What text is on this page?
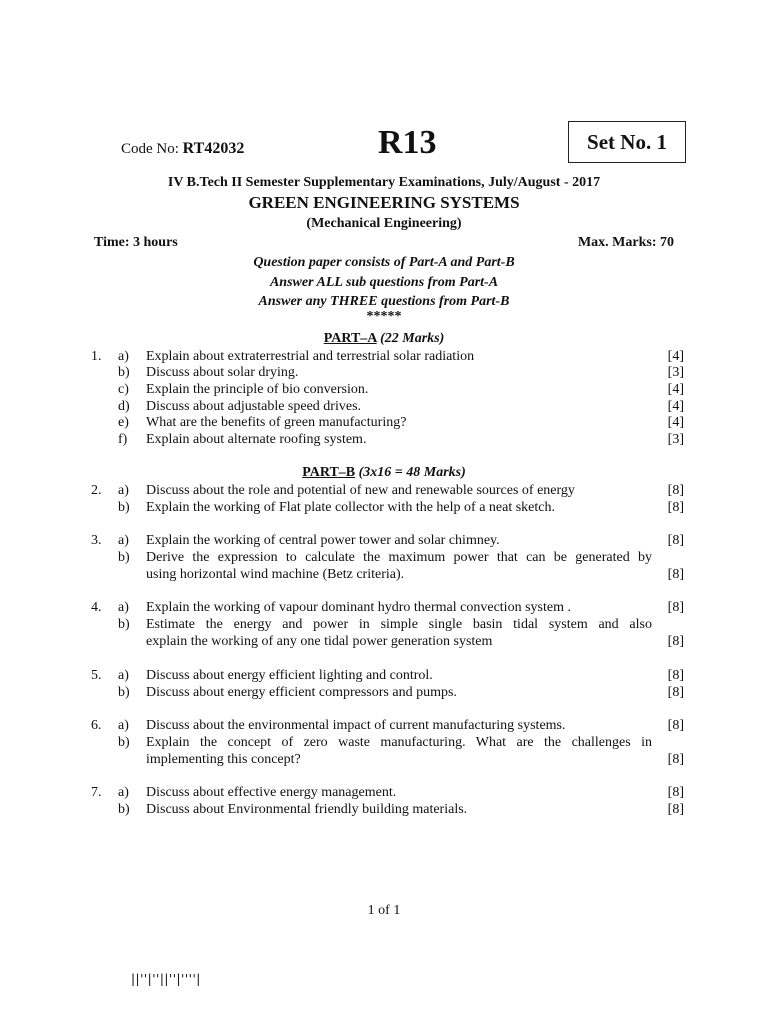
Code No: RT42032	R13	Set No. 1
IV B.Tech II Semester Supplementary Examinations, July/August - 2017
GREEN ENGINEERING SYSTEMS
(Mechanical Engineering)
Time: 3 hours	Max. Marks: 70
Question paper consists of Part-A and Part-B
Answer ALL sub questions from Part-A
Answer any THREE questions from Part-B
*****
PART–A (22 Marks)
1. a) Explain about extraterrestrial and terrestrial solar radiation	[4]
b) Discuss about solar drying.	[3]
c) Explain the principle of bio conversion.	[4]
d) Discuss about adjustable speed drives.	[4]
e) What are the benefits of green manufacturing?	[4]
f) Explain about alternate roofing system.	[3]
PART–B (3x16 = 48 Marks)
2. a) Discuss about the role and potential of new and renewable sources of energy	[8]
b) Explain the working of Flat plate collector with the help of a neat sketch.	[8]
3. a) Explain the working of central power tower and solar chimney.	[8]
b) Derive the expression to calculate the maximum power that can be generated by
using horizontal wind machine (Betz criteria).	[8]
4. a) Explain the working of vapour dominant hydro thermal convection system .	[8]
b) Estimate the energy and power in simple single basin tidal system and also
explain the working of any one tidal power generation system	[8]
5. a) Discuss about energy efficient lighting and control.	[8]
b) Discuss about energy efficient compressors and pumps.	[8]
6. a) Discuss about the environmental impact of current manufacturing systems.	[8]
b) Explain the concept of zero waste manufacturing. What are the challenges in
implementing this concept?	[8]
7. a) Discuss about effective energy management.	[8]
b) Discuss about Environmental friendly building materials.	[8]
1 of 1
||''|''||''|''''|
